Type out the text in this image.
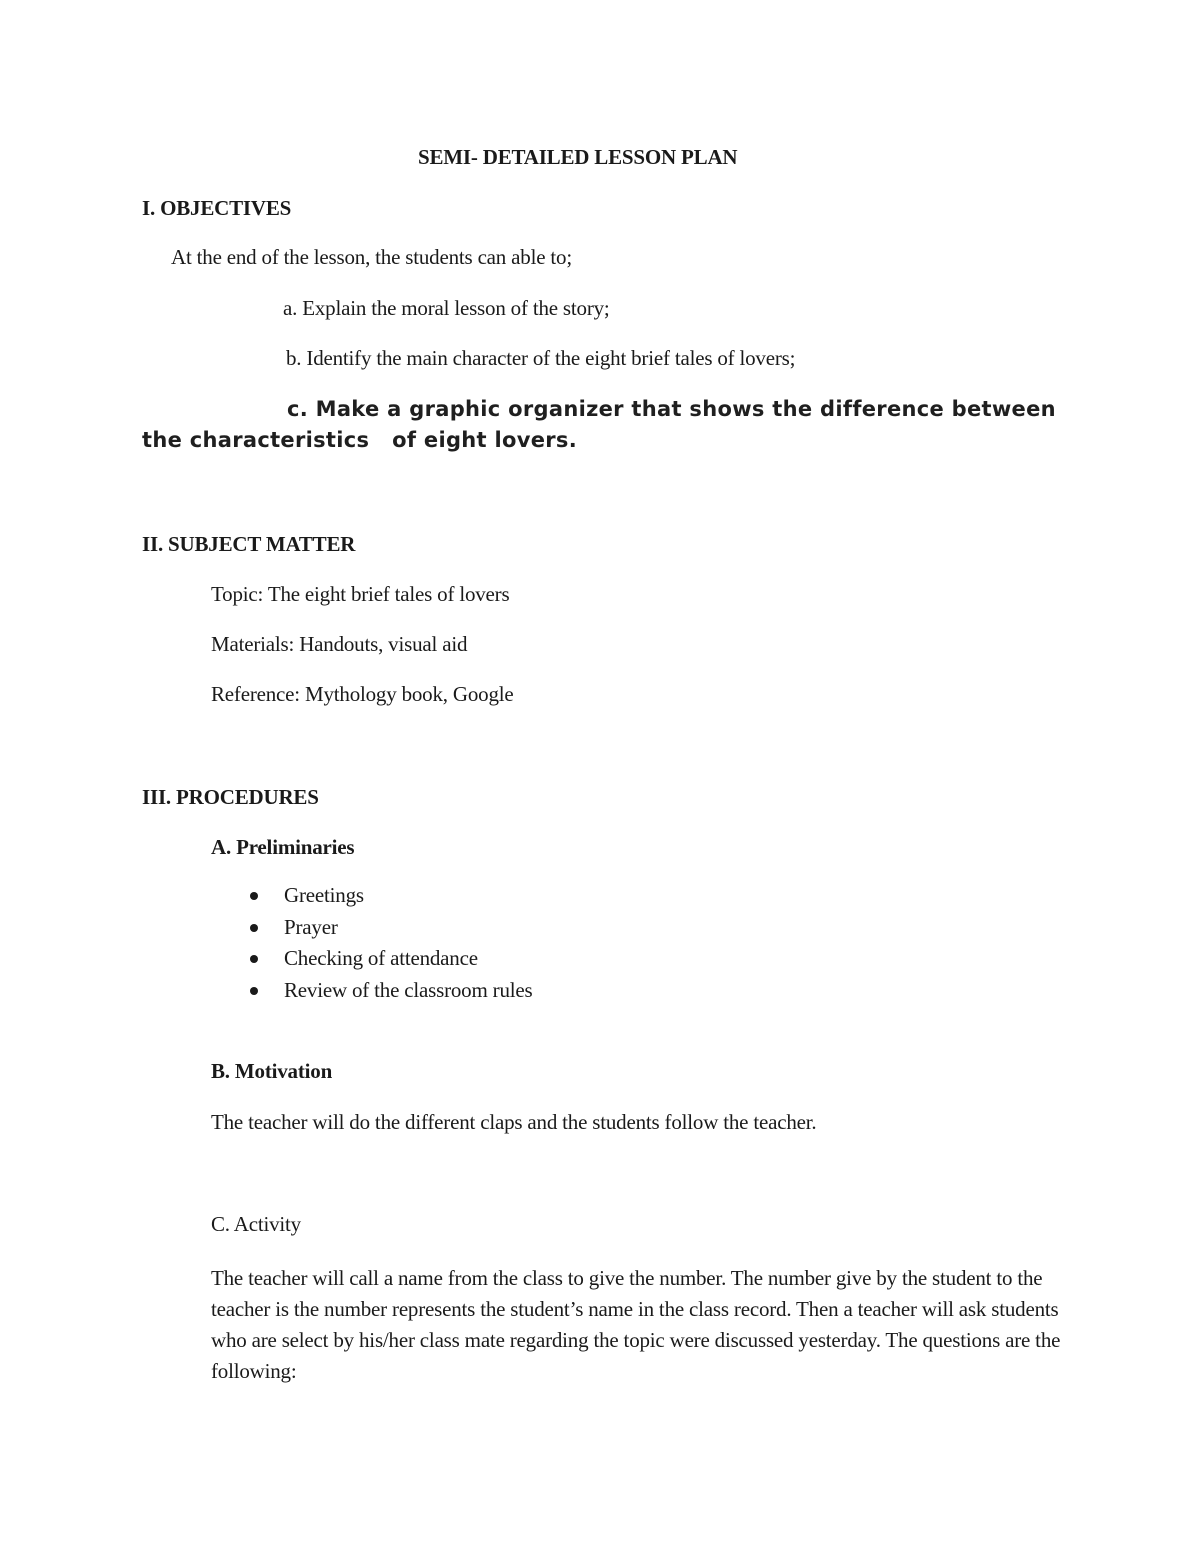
SEMI- DETAILED LESSON PLAN
I. OBJECTIVES
At the end of the lesson, the students can able to;
a. Explain the moral lesson of the story;
b. Identify the main character of the eight brief tales of lovers;
c. Make a graphic organizer that shows the difference between
the characteristics   of eight lovers.
II. SUBJECT MATTER
Topic: The eight brief tales of lovers
Materials: Handouts, visual aid
Reference: Mythology book, Google
III. PROCEDURES
A. Preliminaries
Greetings
Prayer
Checking of attendance
Review of the classroom rules
B. Motivation
The teacher will do the different claps and the students follow the teacher.
C. Activity

The teacher will call a name from the class to give the number. The number give by the student to the teacher is the number represents the student’s name in the class record. Then a teacher will ask students who are select by his/her class mate regarding the topic were discussed yesterday. The questions are the following:
